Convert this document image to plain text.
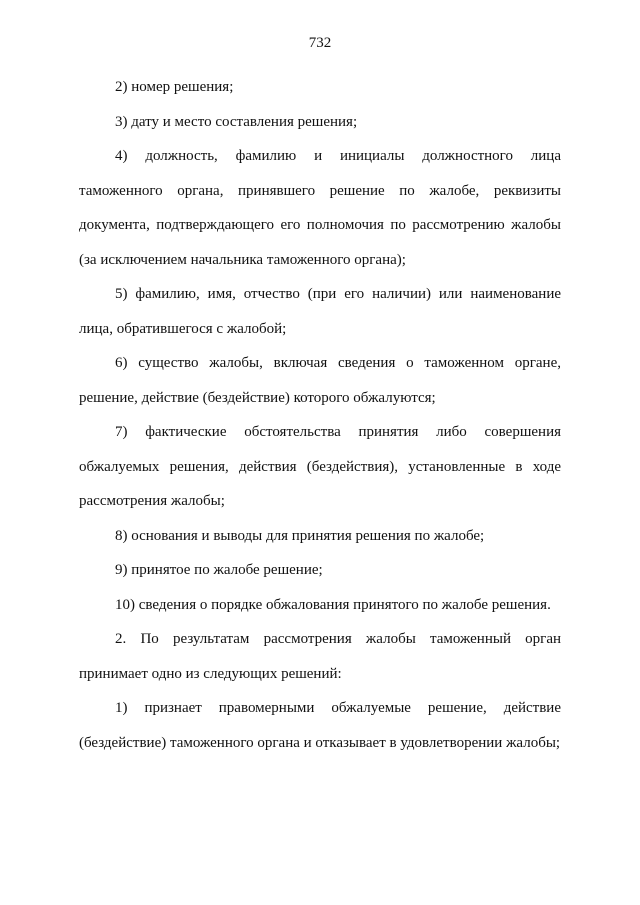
732

2) номер решения;

3) дату и место составления решения;

4) должность, фамилию и инициалы должностного лица таможенного органа, принявшего решение по жалобе, реквизиты документа, подтверждающего его полномочия по рассмотрению жалобы (за исключением начальника таможенного органа);

5) фамилию, имя, отчество (при его наличии) или наименование лица, обратившегося с жалобой;

6) существо жалобы, включая сведения о таможенном органе, решение, действие (бездействие) которого обжалуются;

7) фактические обстоятельства принятия либо совершения обжалуемых решения, действия (бездействия), установленные в ходе рассмотрения жалобы;

8) основания и выводы для принятия решения по жалобе;

9) принятое по жалобе решение;

10) сведения о порядке обжалования принятого по жалобе решения.

2. По результатам рассмотрения жалобы таможенный орган принимает одно из следующих решений:

1) признает правомерными обжалуемые решение, действие (бездействие) таможенного органа и отказывает в удовлетворении жалобы;
